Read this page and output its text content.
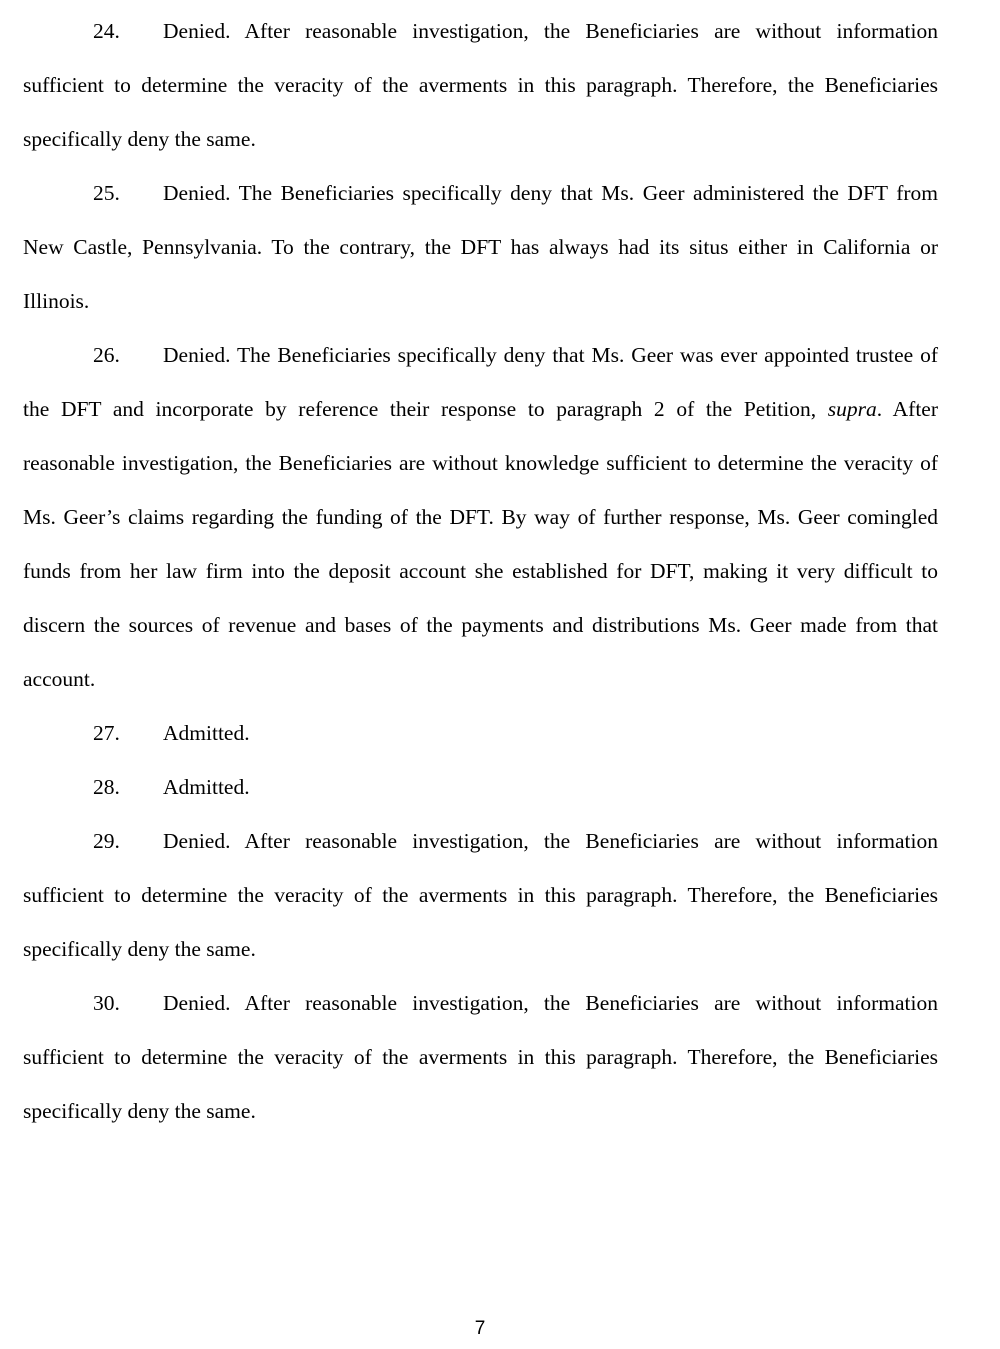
24. Denied. After reasonable investigation, the Beneficiaries are without information sufficient to determine the veracity of the averments in this paragraph. Therefore, the Beneficiaries specifically deny the same.

25. Denied. The Beneficiaries specifically deny that Ms. Geer administered the DFT from New Castle, Pennsylvania. To the contrary, the DFT has always had its situs either in California or Illinois.

26. Denied. The Beneficiaries specifically deny that Ms. Geer was ever appointed trustee of the DFT and incorporate by reference their response to paragraph 2 of the Petition, supra. After reasonable investigation, the Beneficiaries are without knowledge sufficient to determine the veracity of Ms. Geer’s claims regarding the funding of the DFT. By way of further response, Ms. Geer comingled funds from her law firm into the deposit account she established for DFT, making it very difficult to discern the sources of revenue and bases of the payments and distributions Ms. Geer made from that account.

27. Admitted.

28. Admitted.

29. Denied. After reasonable investigation, the Beneficiaries are without information sufficient to determine the veracity of the averments in this paragraph. Therefore, the Beneficiaries specifically deny the same.

30. Denied. After reasonable investigation, the Beneficiaries are without information sufficient to determine the veracity of the averments in this paragraph. Therefore, the Beneficiaries specifically deny the same.

7
